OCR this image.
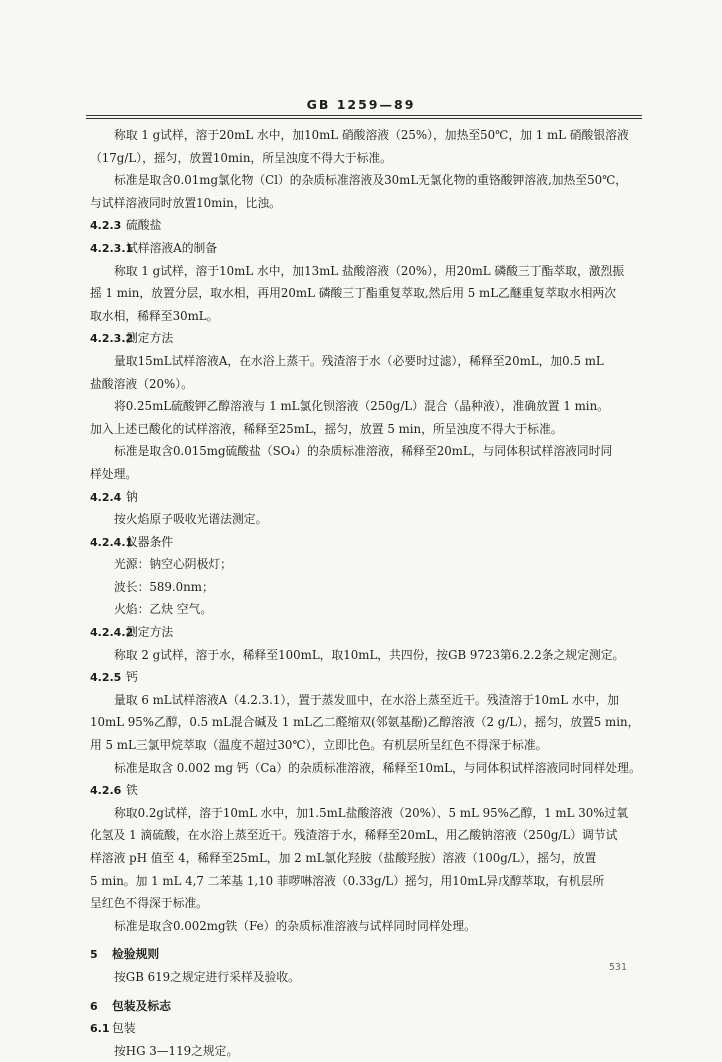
GB 1259—89
称取 1 g试样，溶于20mL 水中，加10mL 硝酸溶液（25%），加热至50℃，加 1 mL 硝酸银溶液
（17g/L），摇匀，放置10min，所呈浊度不得大于标准。
标准是取含0.01mg氯化物（Cl）的杂质标准溶液及30mL无氯化物的重铬酸钾溶液,加热至50℃，
与试样溶液同时放置10min，比浊。
4.2.3 硫酸盐
4.2.3.1试样溶液A的制备
称取 1 g试样，溶于10mL 水中，加13mL 盐酸溶液（20%），用20mL 磷酸三丁酯萃取，激烈振
摇 1 min，放置分层，取水相，再用20mL 磷酸三丁酯重复萃取,然后用 5 mL乙醚重复萃取水相两次
取水相，稀释至30mL。
4.2.3.2测定方法
量取15mL试样溶液A，在水浴上蒸干。残渣溶于水（必要时过滤），稀释至20mL，加0.5 mL
盐酸溶液（20%）。
将0.25mL硫酸钾乙醇溶液与 1 mL氯化钡溶液（250g/L）混合（晶种液），准确放置 1 min。
加入上述已酸化的试样溶液，稀释至25mL，摇匀，放置 5 min，所呈浊度不得大于标准。
标准是取含0.015mg硫酸盐（SO₄）的杂质标准溶液，稀释至20mL，与同体积试样溶液同时同
样处理。
4.2.4 钠
按火焰原子吸收光谱法测定。
4.2.4.1仪器条件
光源：钠空心阴极灯；
波长：589.0nm；
火焰：乙炔 空气。
4.2.4.2测定方法
称取 2 g试样，溶于水，稀释至100mL，取10mL，共四份，按GB 9723第6.2.2条之规定测定。
4.2.5 钙
量取 6 mL试样溶液A（4.2.3.1），置于蒸发皿中，在水浴上蒸至近干。残渣溶于10mL 水中，加
10mL 95%乙醇，0.5 mL混合碱及 1 mL乙二醛缩双(邻氨基酚)乙醇溶液（2 g/L），摇匀，放置5 min，
用 5 mL三氯甲烷萃取（温度不超过30℃），立即比色。有机层所呈红色不得深于标准。
标准是取含 0.002 mg 钙（Ca）的杂质标准溶液，稀释至10mL，与同体积试样溶液同时同样处理。
4.2.6 铁
称取0.2g试样，溶于10mL 水中，加1.5mL盐酸溶液（20%）、5 mL 95%乙醇，1 mL 30%过氧
化氢及 1 滴硫酸，在水浴上蒸至近干。残渣溶于水，稀释至20mL，用乙酸钠溶液（250g/L）调节试
样溶液 pH 值至 4，稀释至25mL，加 2 mL氯化羟胺（盐酸羟胺）溶液（100g/L），摇匀，放置
5 min。加 1 mL 4,7 二苯基 1,10 菲啰啉溶液（0.33g/L）摇匀，用10mL异戊醇萃取，有机层所
呈红色不得深于标准。
标准是取含0.002mg铁（Fe）的杂质标准溶液与试样同时同样处理。
5 检验规则
按GB 619之规定进行采样及验收。
6 包装及标志
6.1 包装
按HG 3—119之规定。
531
